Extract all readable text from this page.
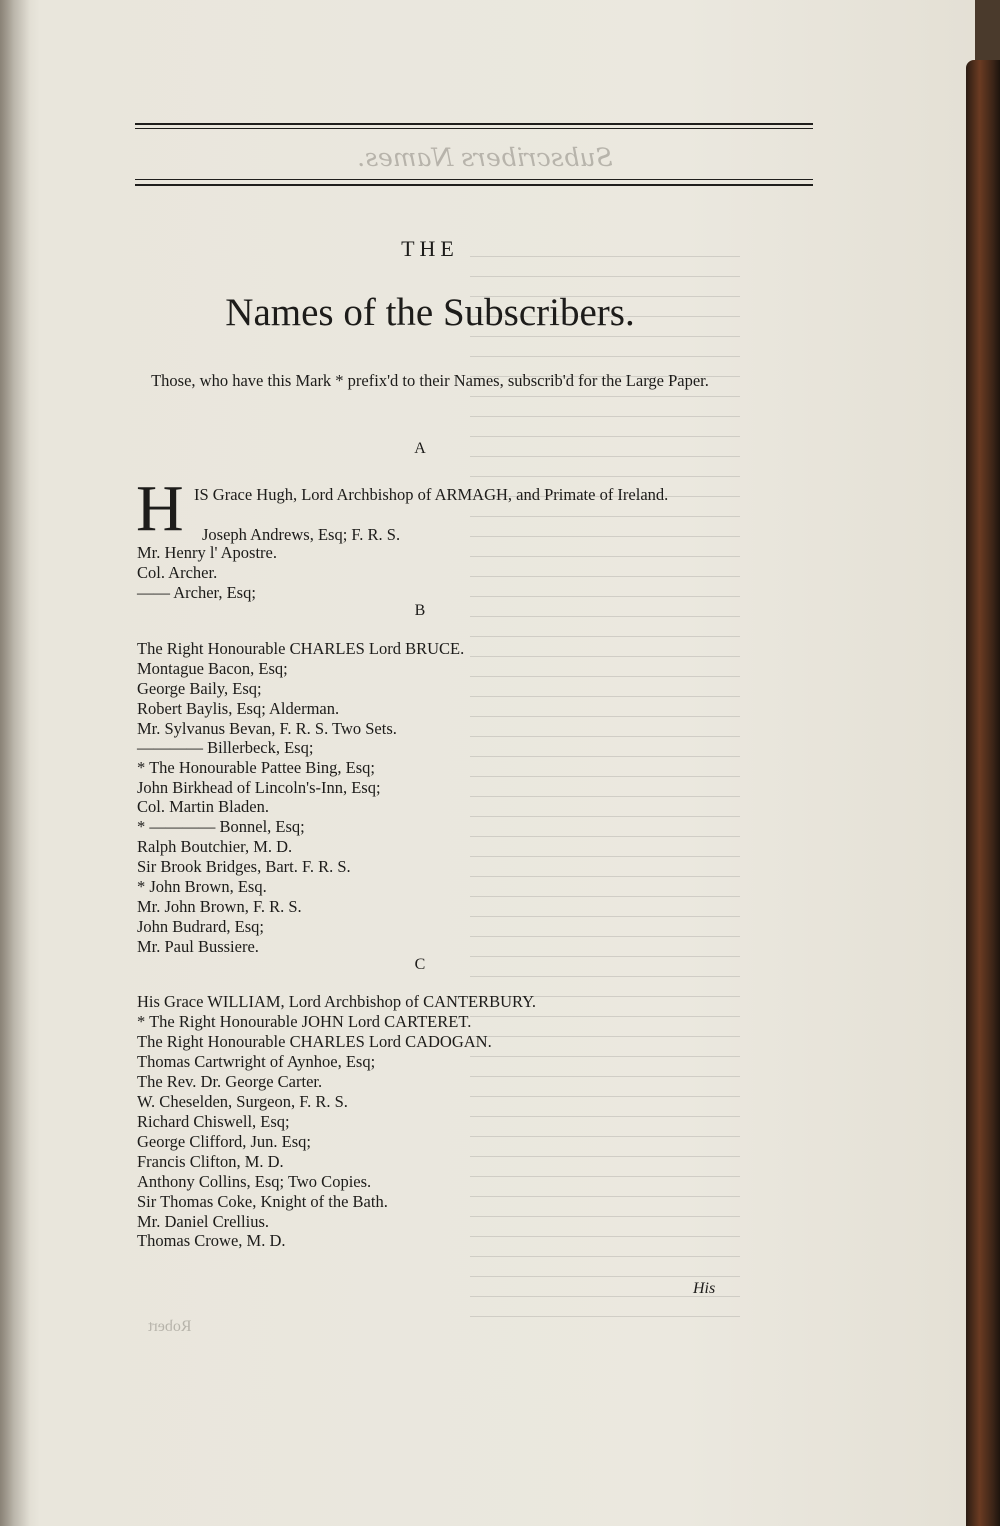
Subscribers Names.
THE
Names of the Subscribers.
Those, who have this Mark * prefix'd to their Names, subscrib'd for the Large Paper.
A
H IS Grace Hugh, Lord Archbishop of ARMAGH, and Primate of Ireland.
Joseph Andrews, Esq; F. R. S.
Mr. Henry l' Apostre.
Col. Archer.
—— Archer, Esq;
B
The Right Honourable CHARLES Lord BRUCE.
Montague Bacon, Esq;
George Baily, Esq;
Robert Baylis, Esq; Alderman.
Mr. Sylvanus Bevan, F. R. S. Two Sets.
———— Billerbeck, Esq;
* The Honourable Pattee Bing, Esq;
John Birkhead of Lincoln's-Inn, Esq;
Col. Martin Bladen.
* ———— Bonnel, Esq;
Ralph Boutchier, M. D.
Sir Brook Bridges, Bart. F. R. S.
* John Brown, Esq.
Mr. John Brown, F. R. S.
John Budrard, Esq;
Mr. Paul Bussiere.
C
His Grace WILLIAM, Lord Archbishop of CANTERBURY.
* The Right Honourable JOHN Lord CARTERET.
The Right Honourable CHARLES Lord CADOGAN.
Thomas Cartwright of Aynhoe, Esq;
The Rev. Dr. George Carter.
W. Cheselden, Surgeon, F. R. S.
Richard Chiswell, Esq;
George Clifford, Jun. Esq;
Francis Clifton, M. D.
Anthony Collins, Esq; Two Copies.
Sir Thomas Coke, Knight of the Bath.
Mr. Daniel Crellius.
Thomas Crowe, M. D.
His
Robert
